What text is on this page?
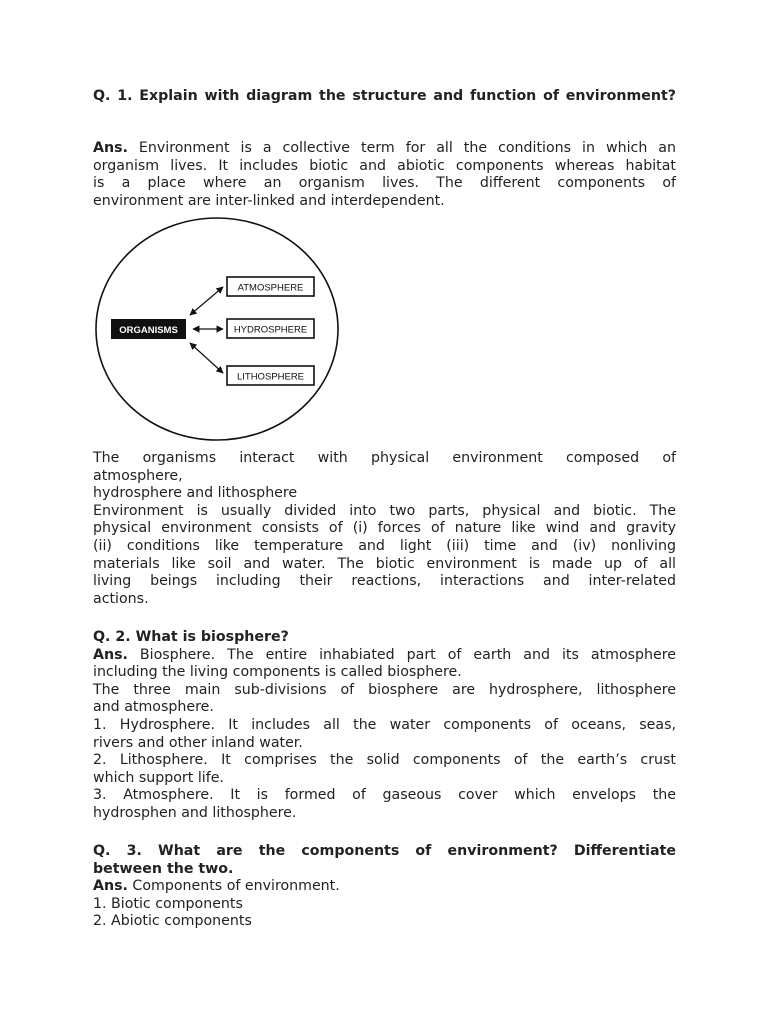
Q. 1. Explain with diagram the structure and function of environment?

Ans. Environment is a collective term for all the conditions in which an

organism lives. It includes biotic and abiotic components whereas habitat

is a place where an organism lives. The different components of

environment are inter-linked and interdependent.

ORGANISMS
ATMOSPHERE
HYDROSPHERE
LITHOSPHERE

The organisms interact with physical environment composed of

atmosphere,

hydrosphere and lithosphere

Environment is usually divided into two parts, physical and biotic. The

physical environment consists of (i) forces of nature like wind and gravity

(ii) conditions like temperature and light (iii) time and (iv) nonliving

materials like soil and water. The biotic environment is made up of all

living beings including their reactions, interactions and inter-related

actions.

Q. 2. What is biosphere?

Ans. Biosphere. The entire inhabiated part of earth and its atmosphere

including the living components is called biosphere.

The three main sub-divisions of biosphere are hydrosphere, lithosphere

and atmosphere.

1. Hydrosphere. It includes all the water components of oceans, seas,

rivers and other inland water.

2. Lithosphere. It comprises the solid components of the earth’s crust

which support life.

3. Atmosphere. It is formed of gaseous cover which envelops the

hydrosphen and lithosphere.

Q. 3. What are the components of environment? Differentiate

between the two.

Ans. Components of environment.

1. Biotic components

2. Abiotic components
